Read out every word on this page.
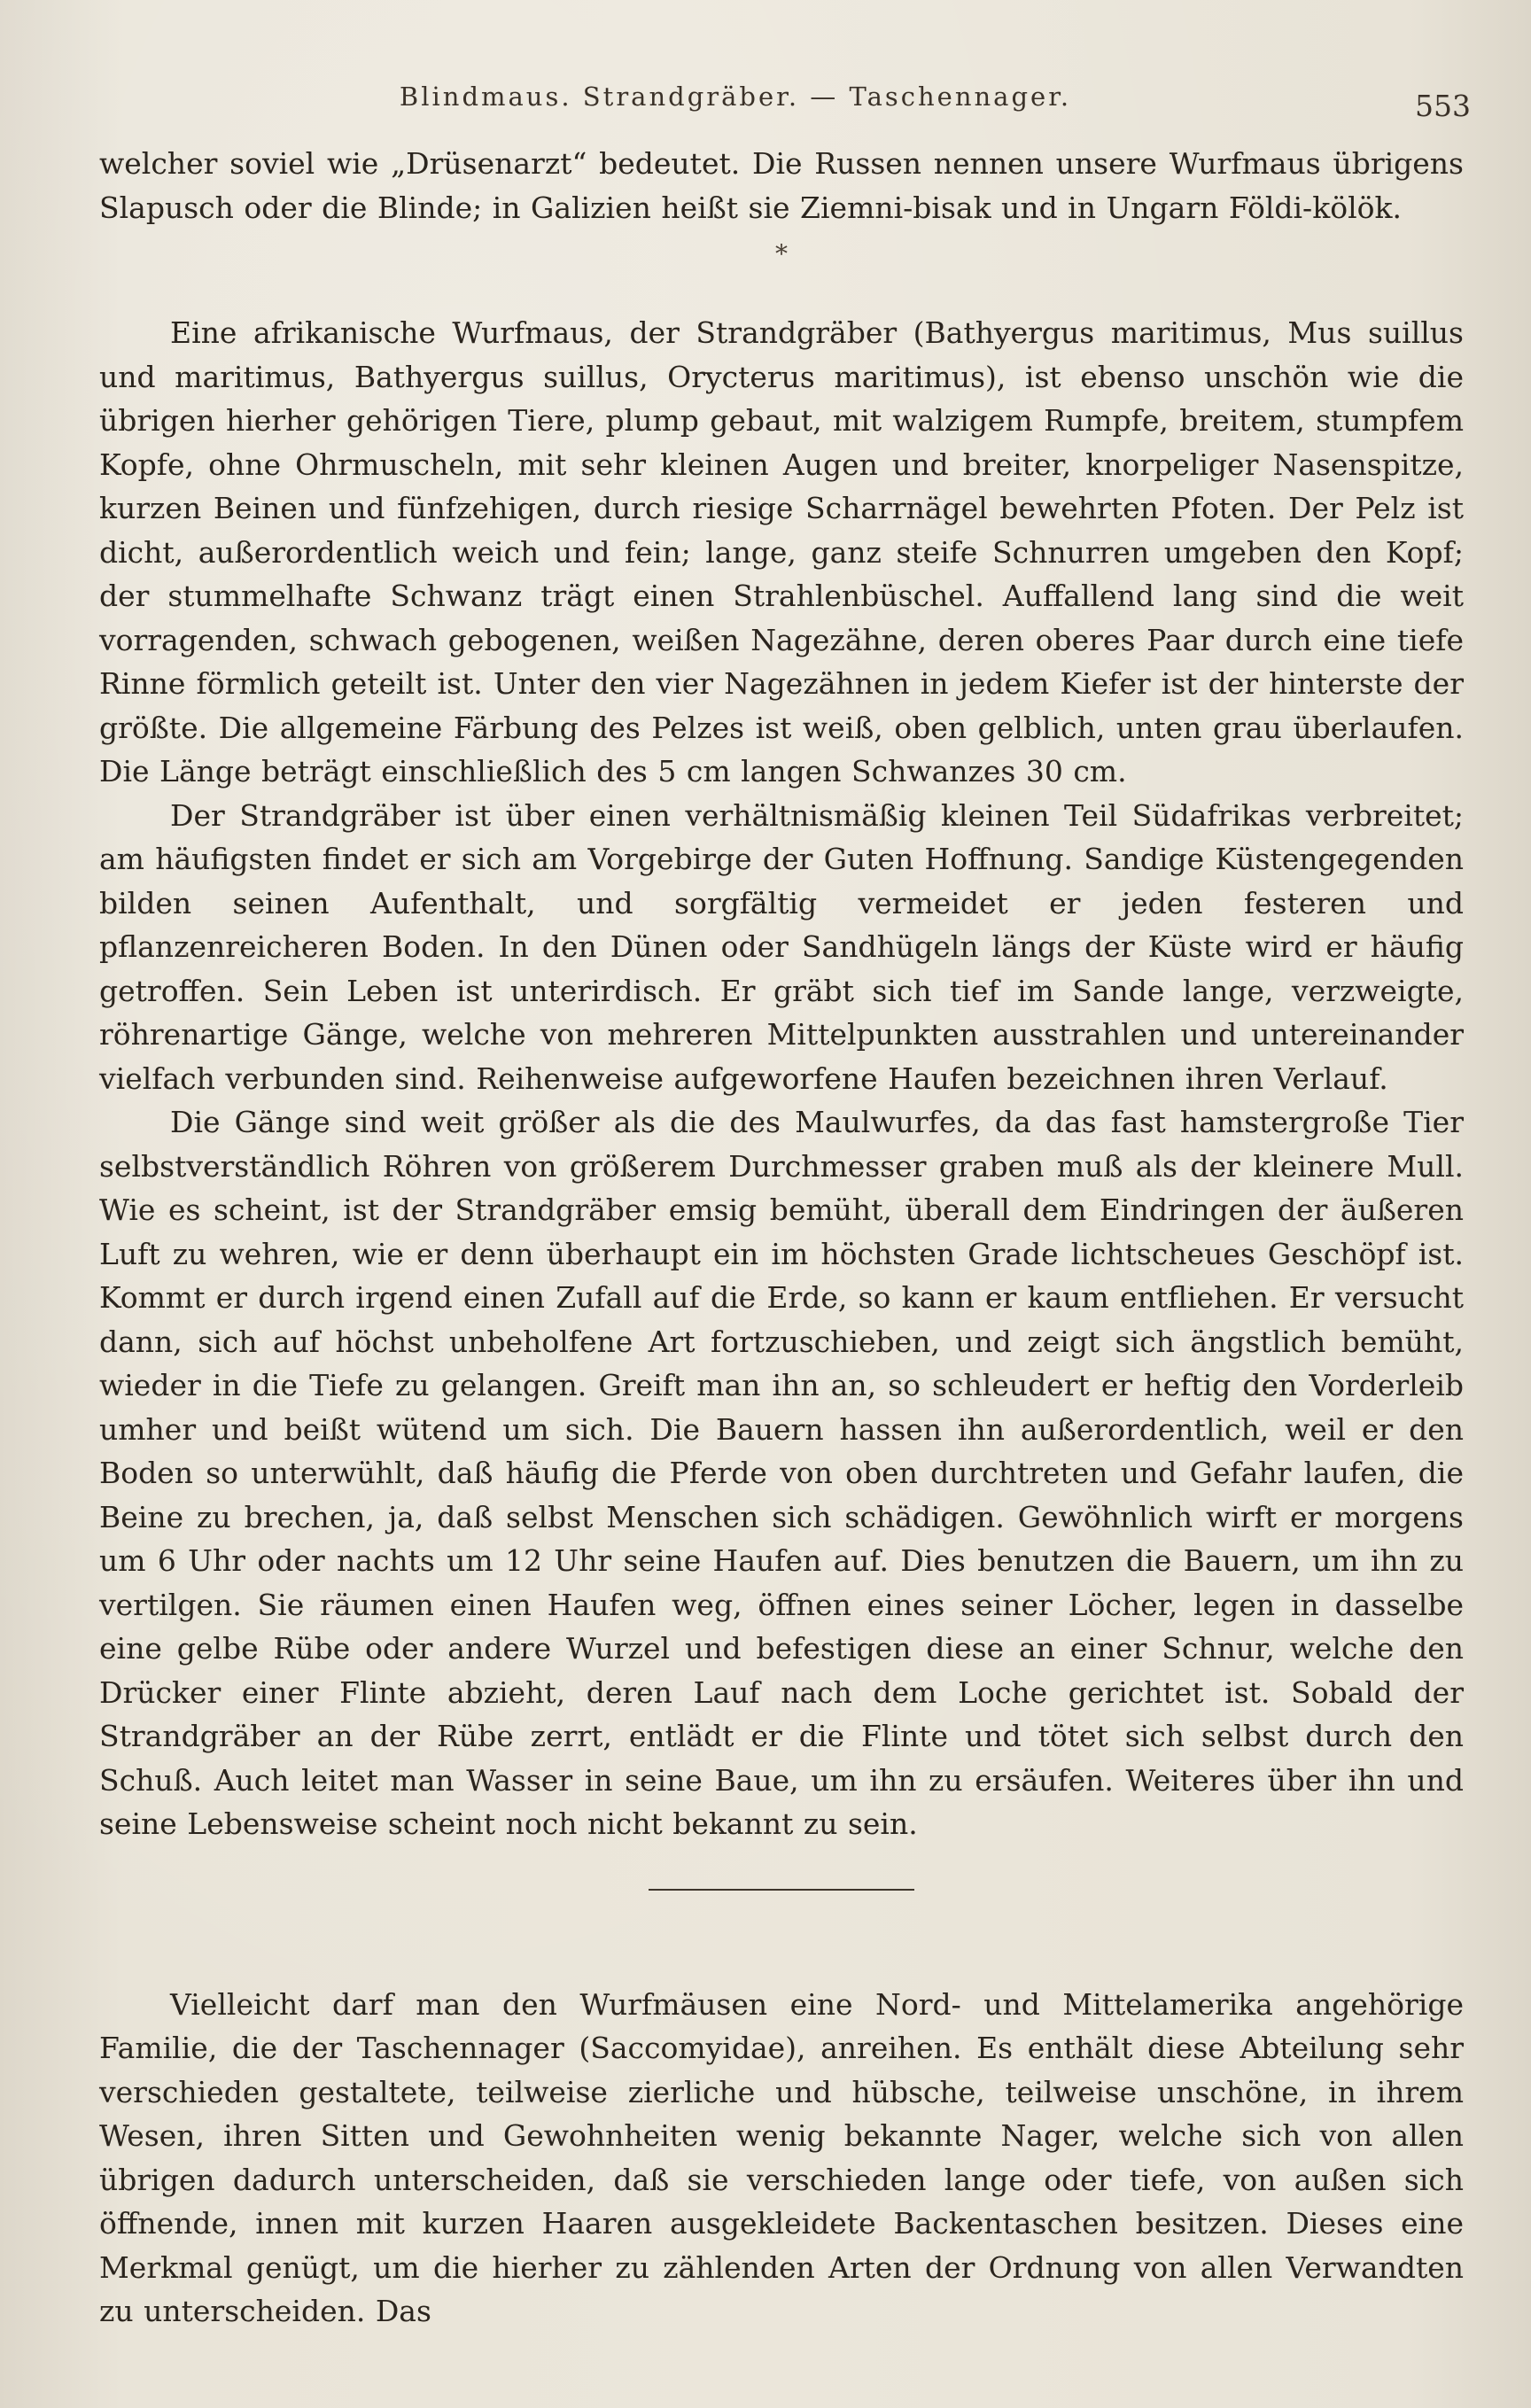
Blindmaus. Strandgräber. — Taschennager.	553

welcher soviel wie „Drüsenarzt“ bedeutet. Die Russen nennen unsere Wurfmaus übrigens Slapusch oder die Blinde; in Galizien heißt sie Ziemni-bisak und in Ungarn Földi-kölök.

*

Eine afrikanische Wurfmaus, der Strandgräber (Bathyergus maritimus, Mus suillus und maritimus, Bathyergus suillus, Orycterus maritimus), ist ebenso unschön wie die übrigen hierher gehörigen Tiere, plump gebaut, mit walzigem Rumpfe, breitem, stumpfem Kopfe, ohne Ohrmuscheln, mit sehr kleinen Augen und breiter, knorpeliger Nasenspitze, kurzen Beinen und fünfzehigen, durch riesige Scharrnägel bewehrten Pfoten. Der Pelz ist dicht, außerordentlich weich und fein; lange, ganz steife Schnurren umgeben den Kopf; der stummelhafte Schwanz trägt einen Strahlenbüschel. Auffallend lang sind die weit vorragenden, schwach gebogenen, weißen Nagezähne, deren oberes Paar durch eine tiefe Rinne förmlich geteilt ist. Unter den vier Nagezähnen in jedem Kiefer ist der hinterste der größte. Die allgemeine Färbung des Pelzes ist weiß, oben gelblich, unten grau überlaufen. Die Länge beträgt einschließlich des 5 cm langen Schwanzes 30 cm.

Der Strandgräber ist über einen verhältnismäßig kleinen Teil Südafrikas verbreitet; am häufigsten findet er sich am Vorgebirge der Guten Hoffnung. Sandige Küstengegenden bilden seinen Aufenthalt, und sorgfältig vermeidet er jeden festeren und pflanzenreicheren Boden. In den Dünen oder Sandhügeln längs der Küste wird er häufig getroffen. Sein Leben ist unterirdisch. Er gräbt sich tief im Sande lange, verzweigte, röhrenartige Gänge, welche von mehreren Mittelpunkten ausstrahlen und untereinander vielfach verbunden sind. Reihenweise aufgeworfene Haufen bezeichnen ihren Verlauf.

Die Gänge sind weit größer als die des Maulwurfes, da das fast hamstergroße Tier selbstverständlich Röhren von größerem Durchmesser graben muß als der kleinere Mull. Wie es scheint, ist der Strandgräber emsig bemüht, überall dem Eindringen der äußeren Luft zu wehren, wie er denn überhaupt ein im höchsten Grade lichtscheues Geschöpf ist. Kommt er durch irgend einen Zufall auf die Erde, so kann er kaum entfliehen. Er versucht dann, sich auf höchst unbeholfene Art fortzuschieben, und zeigt sich ängstlich bemüht, wieder in die Tiefe zu gelangen. Greift man ihn an, so schleudert er heftig den Vorderleib umher und beißt wütend um sich. Die Bauern hassen ihn außerordentlich, weil er den Boden so unterwühlt, daß häufig die Pferde von oben durchtreten und Gefahr laufen, die Beine zu brechen, ja, daß selbst Menschen sich schädigen. Gewöhnlich wirft er morgens um 6 Uhr oder nachts um 12 Uhr seine Haufen auf. Dies benutzen die Bauern, um ihn zu vertilgen. Sie räumen einen Haufen weg, öffnen eines seiner Löcher, legen in dasselbe eine gelbe Rübe oder andere Wurzel und befestigen diese an einer Schnur, welche den Drücker einer Flinte abzieht, deren Lauf nach dem Loche gerichtet ist. Sobald der Strandgräber an der Rübe zerrt, entlädt er die Flinte und tötet sich selbst durch den Schuß. Auch leitet man Wasser in seine Baue, um ihn zu ersäufen. Weiteres über ihn und seine Lebensweise scheint noch nicht bekannt zu sein.

Vielleicht darf man den Wurfmäusen eine Nord- und Mittelamerika angehörige Familie, die der Taschennager (Saccomyidae), anreihen. Es enthält diese Abteilung sehr verschieden gestaltete, teilweise zierliche und hübsche, teilweise unschöne, in ihrem Wesen, ihren Sitten und Gewohnheiten wenig bekannte Nager, welche sich von allen übrigen dadurch unterscheiden, daß sie verschieden lange oder tiefe, von außen sich öffnende, innen mit kurzen Haaren ausgekleidete Backentaschen besitzen. Dieses eine Merkmal genügt, um die hierher zu zählenden Arten der Ordnung von allen Verwandten zu unterscheiden. Das
